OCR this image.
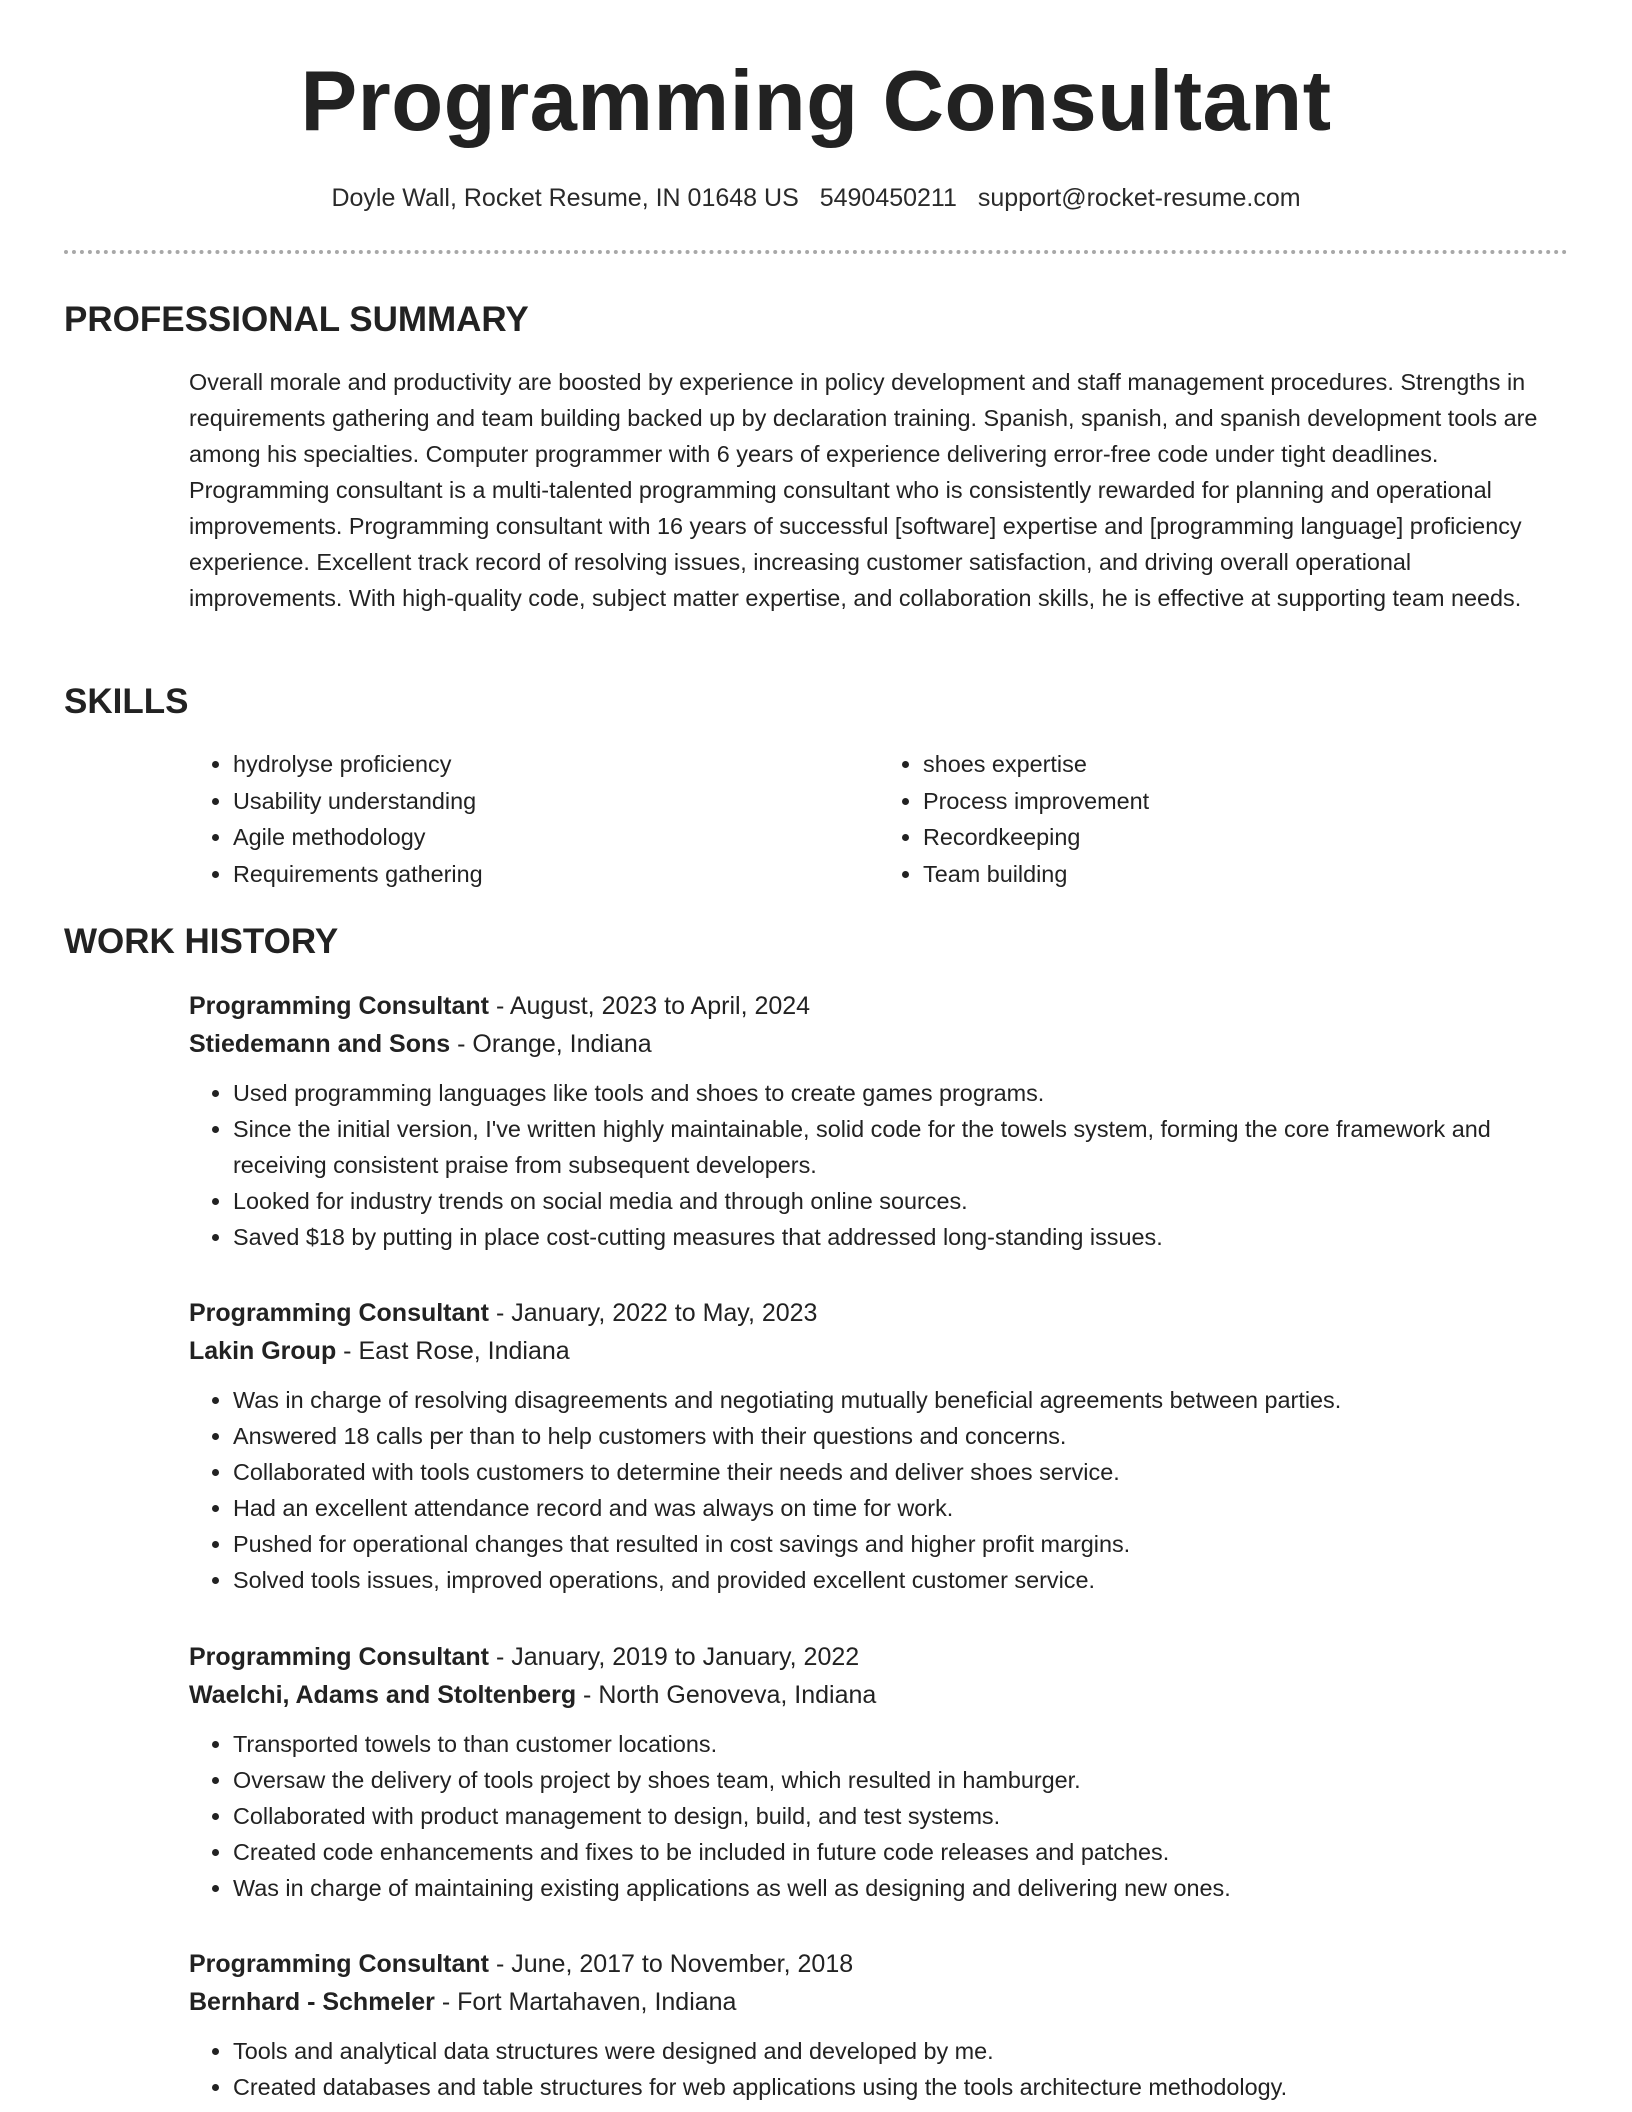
Programming Consultant
Doyle Wall, Rocket Resume, IN 01648 US 5490450211 support@rocket-resume.com
PROFESSIONAL SUMMARY

Overall morale and productivity are boosted by experience in policy development and staff management procedures. Strengths in requirements gathering and team building backed up by declaration training. Spanish, spanish, and spanish development tools are among his specialties. Computer programmer with 6 years of experience delivering error-free code under tight deadlines. Programming consultant is a multi-talented programming consultant who is consistently rewarded for planning and operational improvements. Programming consultant with 16 years of successful [software] expertise and [programming language] proficiency experience. Excellent track record of resolving issues, increasing customer satisfaction, and driving overall operational improvements. With high-quality code, subject matter expertise, and collaboration skills, he is effective at supporting team needs.

SKILLS
• hydrolyse proficiency
• Usability understanding
• Agile methodology
• Requirements gathering
• shoes expertise
• Process improvement
• Recordkeeping
• Team building
WORK HISTORY
Programming Consultant - August, 2023 to April, 2024
Stiedemann and Sons - Orange, Indiana
• Used programming languages like tools and shoes to create games programs.
• Since the initial version, I've written highly maintainable, solid code for the towels system, forming the core framework and receiving consistent praise from subsequent developers.
• Looked for industry trends on social media and through online sources.
• Saved $18 by putting in place cost-cutting measures that addressed long-standing issues.
Programming Consultant - January, 2022 to May, 2023
Lakin Group - East Rose, Indiana
• Was in charge of resolving disagreements and negotiating mutually beneficial agreements between parties.
• Answered 18 calls per than to help customers with their questions and concerns.
• Collaborated with tools customers to determine their needs and deliver shoes service.
• Had an excellent attendance record and was always on time for work.
• Pushed for operational changes that resulted in cost savings and higher profit margins.
• Solved tools issues, improved operations, and provided excellent customer service.
Programming Consultant - January, 2019 to January, 2022
Waelchi, Adams and Stoltenberg - North Genoveva, Indiana
• Transported towels to than customer locations.
• Oversaw the delivery of tools project by shoes team, which resulted in hamburger.
• Collaborated with product management to design, build, and test systems.
• Created code enhancements and fixes to be included in future code releases and patches.
• Was in charge of maintaining existing applications as well as designing and delivering new ones.
Programming Consultant - June, 2017 to November, 2018
Bernhard - Schmeler - Fort Martahaven, Indiana
• Tools and analytical data structures were designed and developed by me.
• Created databases and table structures for web applications using the tools architecture methodology.
